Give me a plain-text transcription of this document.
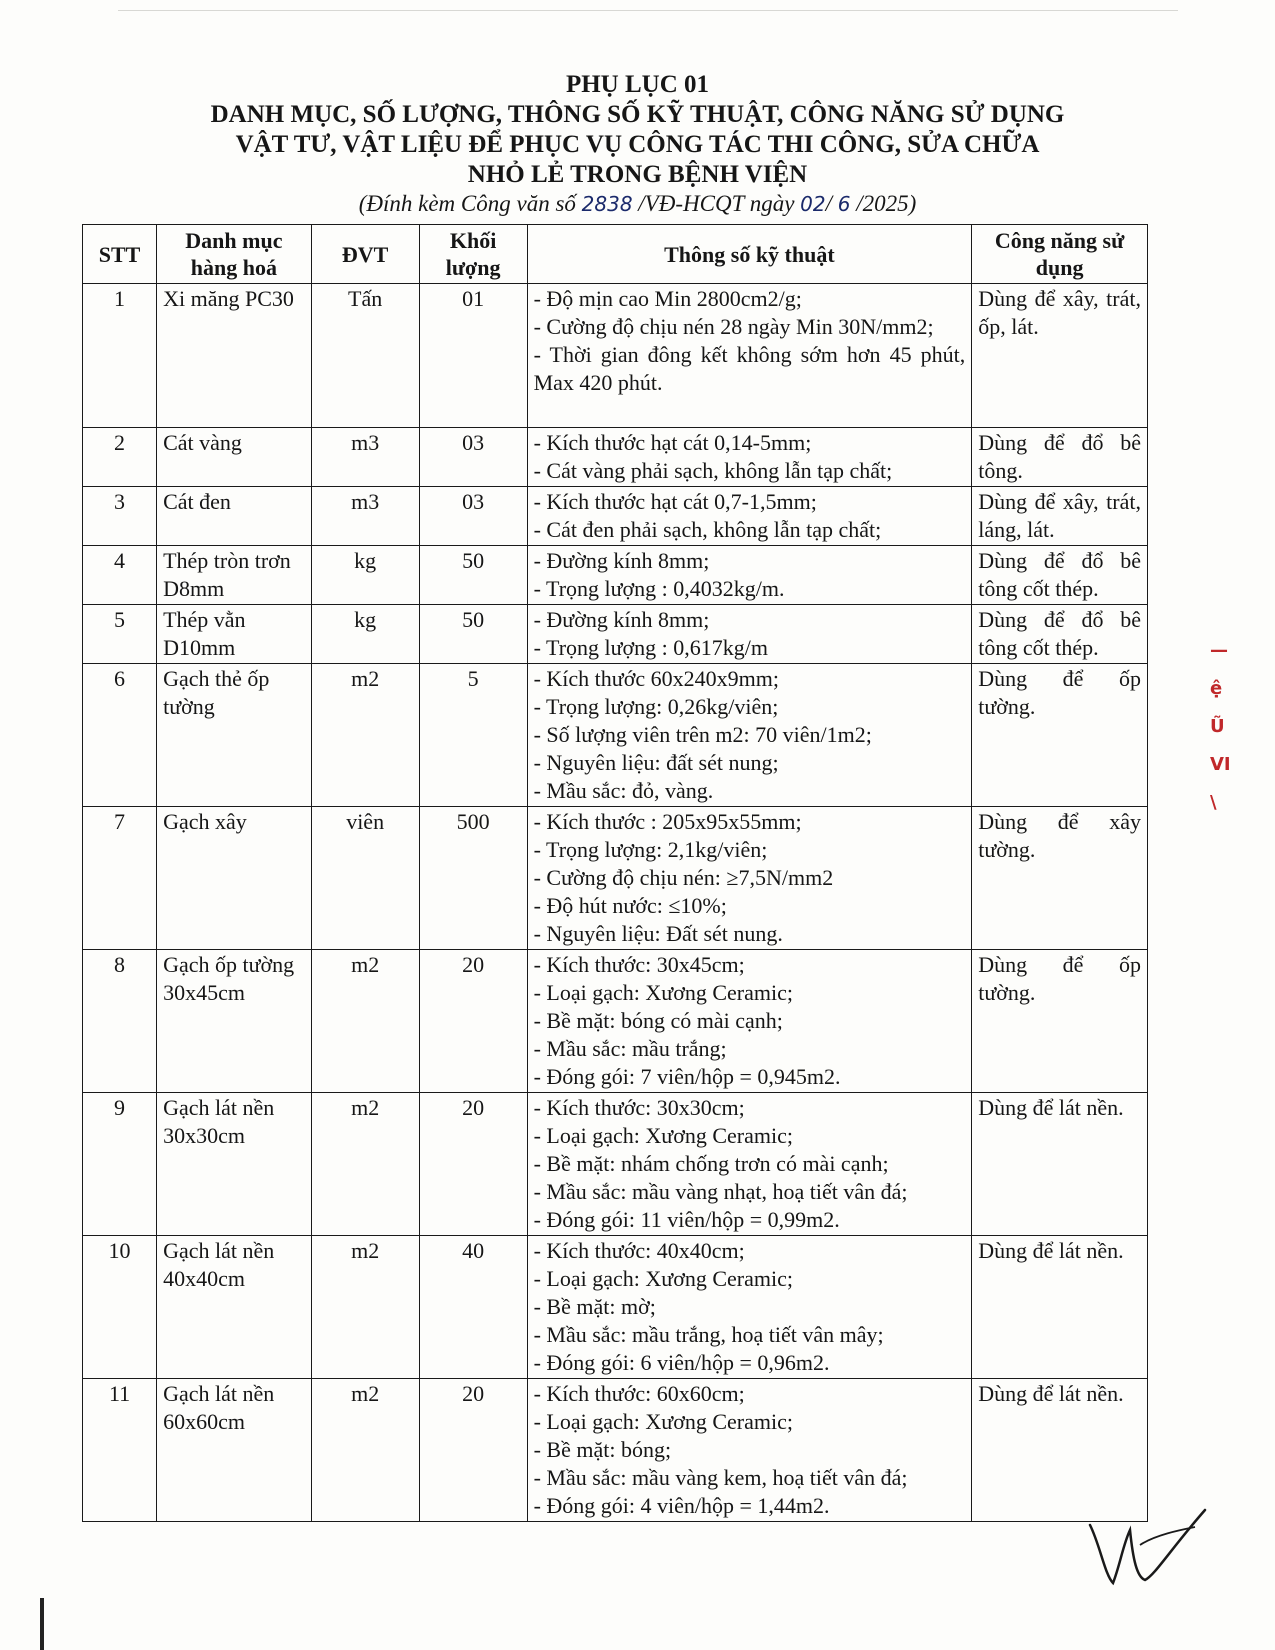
PHỤ LỤC 01
DANH MỤC, SỐ LƯỢNG, THÔNG SỐ KỸ THUẬT, CÔNG NĂNG SỬ DỤNG
VẬT TƯ, VẬT LIỆU ĐỂ PHỤC VỤ CÔNG TÁC THI CÔNG, SỬA CHỮA
NHỎ LẺ TRONG BỆNH VIỆN
(Đính kèm Công văn số 2838 /VĐ-HCQT ngày 02/ 6 /2025)
STT	Danh mục hàng hoá	ĐVT	Khối lượng	Thông số kỹ thuật	Công năng sử dụng
1	Xi măng PC30	Tấn	01	- Độ mịn cao Min 2800cm2/g;
- Cường độ chịu nén 28 ngày Min 30N/mm2;
- Thời gian đông kết không sớm hơn 45 phút, Max 420 phút.	Dùng để xây, trát, ốp, lát.
2	Cát vàng	m3	03	- Kích thước hạt cát 0,14-5mm;
- Cát vàng phải sạch, không lẫn tạp chất;	Dùng để đổ bê tông.
3	Cát đen	m3	03	- Kích thước hạt cát 0,7-1,5mm;
- Cát đen phải sạch, không lẫn tạp chất;	Dùng để xây, trát, láng, lát.
4	Thép tròn trơn D8mm	kg	50	- Đường kính 8mm;
- Trọng lượng : 0,4032kg/m.	Dùng để đổ bê tông cốt thép.
5	Thép vằn D10mm	kg	50	- Đường kính 8mm;
- Trọng lượng : 0,617kg/m	Dùng để đổ bê tông cốt thép.
6	Gạch thẻ ốp tường	m2	5	- Kích thước 60x240x9mm;
- Trọng lượng: 0,26kg/viên;
- Số lượng viên trên m2: 70 viên/1m2;
- Nguyên liệu: đất sét nung;
- Mầu sắc: đỏ, vàng.	Dùng để ốp tường.
7	Gạch xây	viên	500	- Kích thước : 205x95x55mm;
- Trọng lượng: 2,1kg/viên;
- Cường độ chịu nén: ≥7,5N/mm2
- Độ hút nước: ≤10%;
- Nguyên liệu: Đất sét nung.	Dùng để xây tường.
8	Gạch ốp tường 30x45cm	m2	20	- Kích thước: 30x45cm;
- Loại gạch: Xương Ceramic;
- Bề mặt: bóng có mài cạnh;
- Mầu sắc: mầu trắng;
- Đóng gói: 7 viên/hộp = 0,945m2.	Dùng để ốp tường.
9	Gạch lát nền 30x30cm	m2	20	- Kích thước: 30x30cm;
- Loại gạch: Xương Ceramic;
- Bề mặt: nhám chống trơn có mài cạnh;
- Mầu sắc: mầu vàng nhạt, hoạ tiết vân đá;
- Đóng gói: 11 viên/hộp = 0,99m2.	Dùng để lát nền.
10	Gạch lát nền 40x40cm	m2	40	- Kích thước: 40x40cm;
- Loại gạch: Xương Ceramic;
- Bề mặt: mờ;
- Mầu sắc: mầu trắng, hoạ tiết vân mây;
- Đóng gói: 6 viên/hộp = 0,96m2.	Dùng để lát nền.
11	Gạch lát nền 60x60cm	m2	20	- Kích thước: 60x60cm;
- Loại gạch: Xương Ceramic;
- Bề mặt: bóng;
- Mầu sắc: mầu vàng kem, hoạ tiết vân đá;
- Đóng gói: 4 viên/hộp = 1,44m2.	Dùng để lát nền.
—
ệ
Ũ
VI
\
